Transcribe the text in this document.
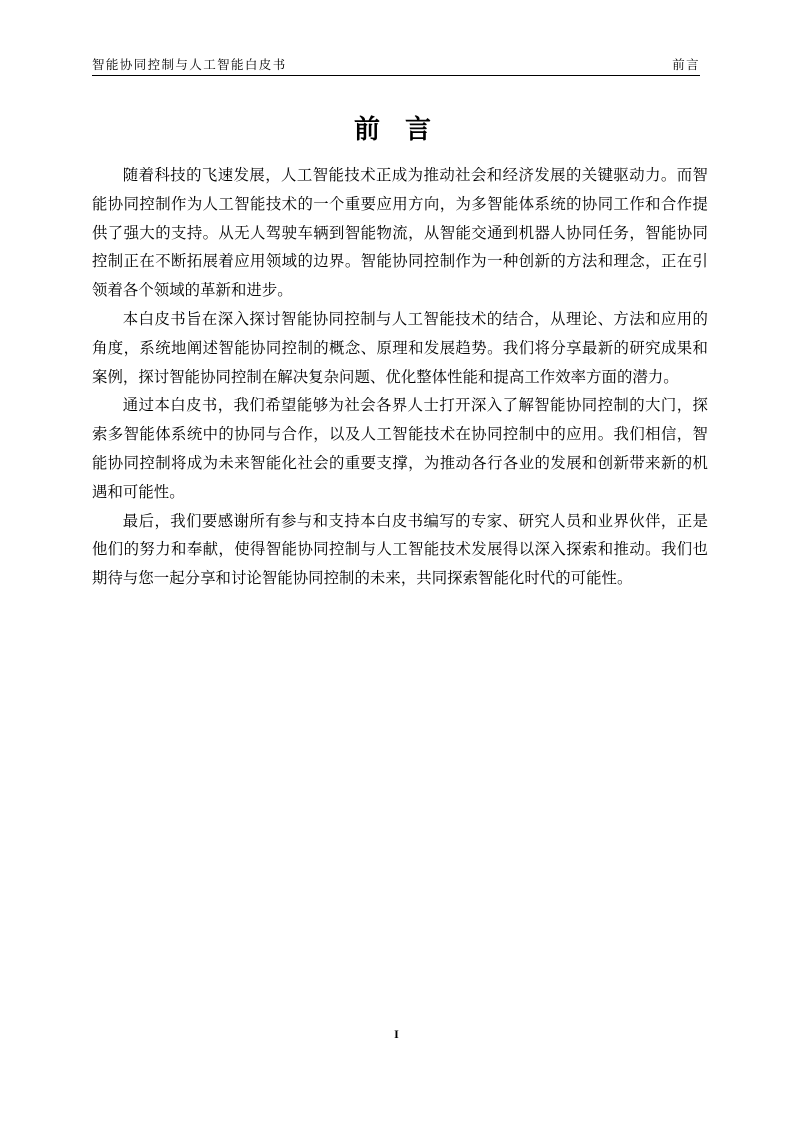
智能协同控制与人工智能白皮书	前言
前 言

随着科技的飞速发展，人工智能技术正成为推动社会和经济发展的关键驱动力。而智能协同控制作为人工智能技术的一个重要应用方向，为多智能体系统的协同工作和合作提供了强大的支持。从无人驾驶车辆到智能物流，从智能交通到机器人协同任务，智能协同控制正在不断拓展着应用领域的边界。智能协同控制作为一种创新的方法和理念，正在引领着各个领域的革新和进步。

本白皮书旨在深入探讨智能协同控制与人工智能技术的结合，从理论、方法和应用的角度，系统地阐述智能协同控制的概念、原理和发展趋势。我们将分享最新的研究成果和案例，探讨智能协同控制在解决复杂问题、优化整体性能和提高工作效率方面的潜力。

通过本白皮书，我们希望能够为社会各界人士打开深入了解智能协同控制的大门，探索多智能体系统中的协同与合作，以及人工智能技术在协同控制中的应用。我们相信，智能协同控制将成为未来智能化社会的重要支撑，为推动各行各业的发展和创新带来新的机遇和可能性。

最后，我们要感谢所有参与和支持本白皮书编写的专家、研究人员和业界伙伴，正是他们的努力和奉献，使得智能协同控制与人工智能技术发展得以深入探索和推动。我们也期待与您一起分享和讨论智能协同控制的未来，共同探索智能化时代的可能性。

I
